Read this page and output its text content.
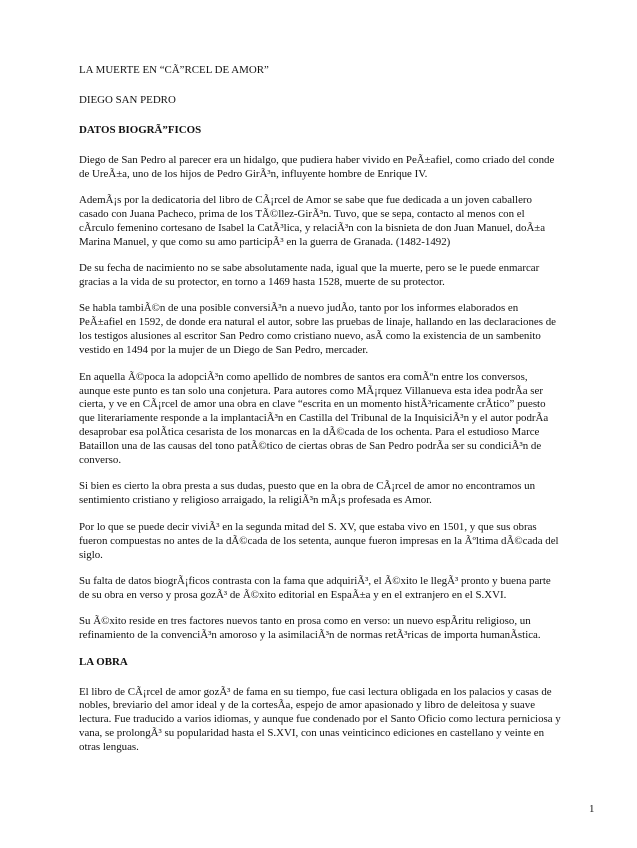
LA MUERTE EN “CÃ”RCEL DE AMOR”
DIEGO SAN PEDRO
DATOS BIOGRÃ”FICOS

Diego de San Pedro al parecer era un hidalgo, que pudiera haber vivido en PeÃ±afiel, como criado del conde
de UreÃ±a, uno de los hijos de Pedro GirÃ³n, influyente hombre de Enrique IV.

AdemÃ¡s por la dedicatoria del libro de CÃ¡rcel de Amor se sabe que fue dedicada a un joven caballero
casado con Juana Pacheco, prima de los TÃ©llez-GirÃ³n. Tuvo, que se sepa, contacto al menos con el
cÃrculo femenino cortesano de Isabel la CatÃ³lica, y relaciÃ³n con la bisnieta de don Juan Manuel, doÃ±a
Marina Manuel, y que como su amo participÃ³ en la guerra de Granada. (1482-1492)

De su fecha de nacimiento no se sabe absolutamente nada, igual que la muerte, pero se le puede enmarcar
gracias a la vida de su protector, en torno a 1469 hasta 1528, muerte de su protector.

Se habla tambiÃ©n de una posible conversiÃ³n a nuevo judÃo, tanto por los informes elaborados en
PeÃ±afiel en 1592, de donde era natural el autor, sobre las pruebas de linaje, hallando en las declaraciones de
los testigos alusiones al escritor San Pedro como cristiano nuevo, asÃ como la existencia de un sambenito
vestido en 1494 por la mujer de un Diego de San Pedro, mercader.

En aquella Ã©poca la adopciÃ³n como apellido de nombres de santos era comÃºn entre los conversos,
aunque este punto es tan solo una conjetura. Para autores como MÃ¡rquez Villanueva esta idea podrÃa ser
cierta, y ve en CÃ¡rcel de amor una obra en clave “escrita en un momento histÃ³ricamente crÃtico” puesto
que literariamente responde a la implantaciÃ³n en Castilla del Tribunal de la InquisiciÃ³n y el autor podrÃa
desaprobar esa polÃtica cesarista de los monarcas en la dÃ©cada de los ochenta. Para el estudioso Marce
Bataillon una de las causas del tono patÃ©tico de ciertas obras de San Pedro podrÃa ser su condiciÃ³n de
converso.

Si bien es cierto la obra presta a sus dudas, puesto que en la obra de CÃ¡rcel de amor no encontramos un
sentimiento cristiano y religioso arraigado, la religiÃ³n mÃ¡s profesada es Amor.

Por lo que se puede decir viviÃ³ en la segunda mitad del S. XV, que estaba vivo en 1501, y que sus obras
fueron compuestas no antes de la dÃ©cada de los setenta, aunque fueron impresas en la Ãºltima dÃ©cada del
siglo.

Su falta de datos biogrÃ¡ficos contrasta con la fama que adquiriÃ³, el Ã©xito le llegÃ³ pronto y buena parte
de su obra en verso y prosa gozÃ³ de Ã©xito editorial en EspaÃ±a y en el extranjero en el S.XVI.

Su Ã©xito reside en tres factores nuevos tanto en prosa como en verso: un nuevo espÃritu religioso, un
refinamiento de la convenciÃ³n amoroso y la asimilaciÃ³n de normas retÃ³ricas de importa humanÃstica.

LA OBRA

El libro de CÃ¡rcel de amor gozÃ³ de fama en su tiempo, fue casi lectura obligada en los palacios y casas de
nobles, breviario del amor ideal y de la cortesÃa, espejo de amor apasionado y libro de deleitosa y suave
lectura. Fue traducido a varios idiomas, y aunque fue condenado por el Santo Oficio como lectura perniciosa y
vana, se prolongÃ³ su popularidad hasta el S.XVI, con unas veinticinco ediciones en castellano y veinte en
otras lenguas.

1
